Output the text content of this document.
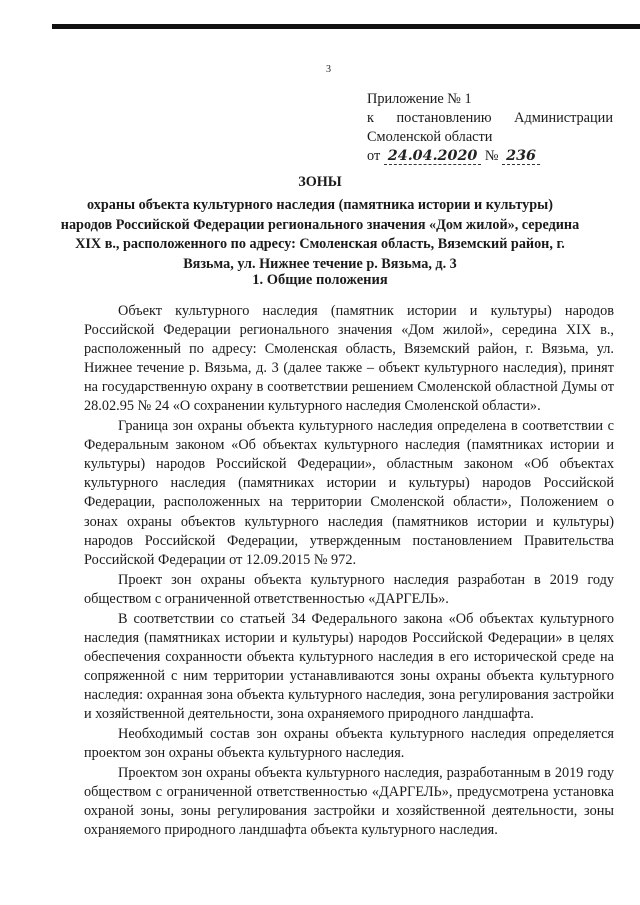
3
Приложение № 1
к постановлению Администрации
Смоленской области
от 24.04.2020 № 236
ЗОНЫ
охраны объекта культурного наследия (памятника истории и культуры) народов Российской Федерации регионального значения «Дом жилой», середина XIX в., расположенного по адресу: Смоленская область, Вяземский район, г. Вязьма, ул. Нижнее течение р. Вязьма, д. 3
1. Общие положения

Объект культурного наследия (памятник истории и культуры) народов Российской Федерации регионального значения «Дом жилой», середина XIX в., расположенный по адресу: Смоленская область, Вяземский район, г. Вязьма, ул. Нижнее течение р. Вязьма, д. 3 (далее также – объект культурного наследия), принят на государственную охрану в соответствии решением Смоленской областной Думы от 28.02.95 № 24 «О сохранении культурного наследия Смоленской области».

Граница зон охраны объекта культурного наследия определена в соответствии с Федеральным законом «Об объектах культурного наследия (памятниках истории и культуры) народов Российской Федерации», областным законом «Об объектах культурного наследия (памятниках истории и культуры) народов Российской Федерации, расположенных на территории Смоленской области», Положением о зонах охраны объектов культурного наследия (памятников истории и культуры) народов Российской Федерации, утвержденным постановлением Правительства Российской Федерации от 12.09.2015 № 972.

Проект зон охраны объекта культурного наследия разработан в 2019 году обществом с ограниченной ответственностью «ДАРГЕЛЬ».

В соответствии со статьей 34 Федерального закона «Об объектах культурного наследия (памятниках истории и культуры) народов Российской Федерации» в целях обеспечения сохранности объекта культурного наследия в его исторической среде на сопряженной с ним территории устанавливаются зоны охраны объекта культурного наследия: охранная зона объекта культурного наследия, зона регулирования застройки и хозяйственной деятельности, зона охраняемого природного ландшафта.

Необходимый состав зон охраны объекта культурного наследия определяется проектом зон охраны объекта культурного наследия.

Проектом зон охраны объекта культурного наследия, разработанным в 2019 году обществом с ограниченной ответственностью «ДАРГЕЛЬ», предусмотрена установка охраной зоны, зоны регулирования застройки и хозяйственной деятельности, зоны охраняемого природного ландшафта объекта культурного наследия.
